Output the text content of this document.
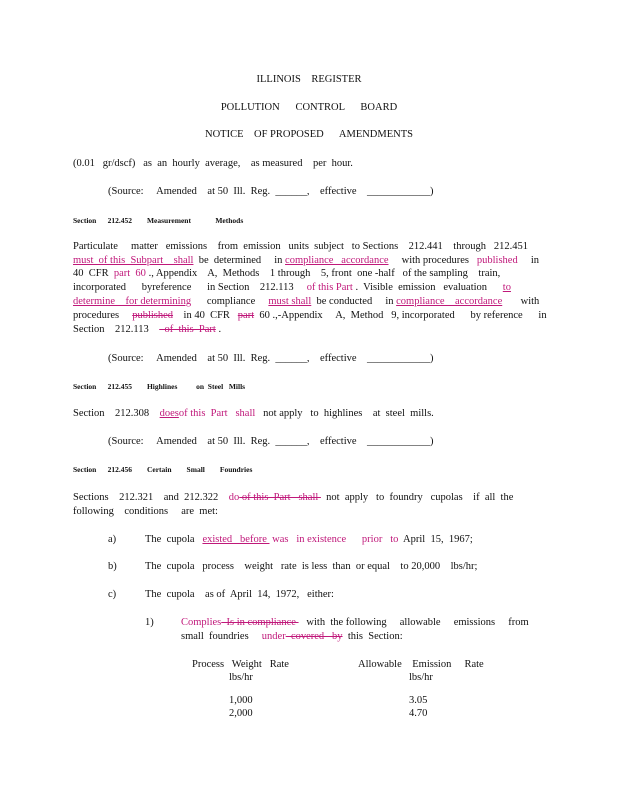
ILLINOIS    REGISTER
POLLUTION      CONTROL      BOARD
NOTICE    OF PROPOSED      AMENDMENTS
(0.01   gr/dscf)   as  an  hourly  average,    as measured    per  hour.
(Source:     Amended    at 50  Ill.  Reg.  ______,    effective    ____________)
Section      212.452        Measurement             Methods
Particulate     matter   emissions    from  emission   units  subject   to Sections    212.441    through   212.451
must  of this  Subpart    shall  be  determined     in compliance   accordance     with procedures   published     in
40  CFR  part  60 ., Appendix    A,  Methods    1 through    5, front  one -half   of the sampling    train,
incorporated      byreference      in Section    212.113     of this Part .  Visible  emission   evaluation      to
determine    for determining      compliance     must shall  be conducted     in compliance    accordance       with
procedures     published    in 40  CFR   part  60 .,-Appendix     A,  Method   9, incorporated      by reference      in
Section    212.113      of  this  Part .
(Source:     Amended    at 50  Ill.  Reg.  ______,    effective    ____________)
Section      212.455        Highlines          on  Steel   Mills
Section    212.308    doesof this  Part   shall   not apply   to  highlines    at  steel  mills.
(Source:     Amended    at 50  Ill.  Reg.  ______,    effective    ____________)
Section      212.456        Certain        Small        Foundries
Sections    212.321    and  212.322    do of this  Part   shall   not  apply   to  foundry   cupolas    if  all  the
following    conditions     are  met:
a)	The  cupola   existed   before  was   in existence      prior   to  April  15,  1967;
b)	The  cupola   process    weight   rate  is less  than  or equal    to 20,000    lbs/hr;
c)	The  cupola    as of  April  14,  1972,   either:
1)	Complies  Is in compliance    with  the following     allowable     emissions     from
small  foundries     under  covered   by  this  Section:
Process   Weight   Rate
lbs/hr
Allowable    Emission     Rate
lbs/hr
1,000	3.05
2,000	4.70
